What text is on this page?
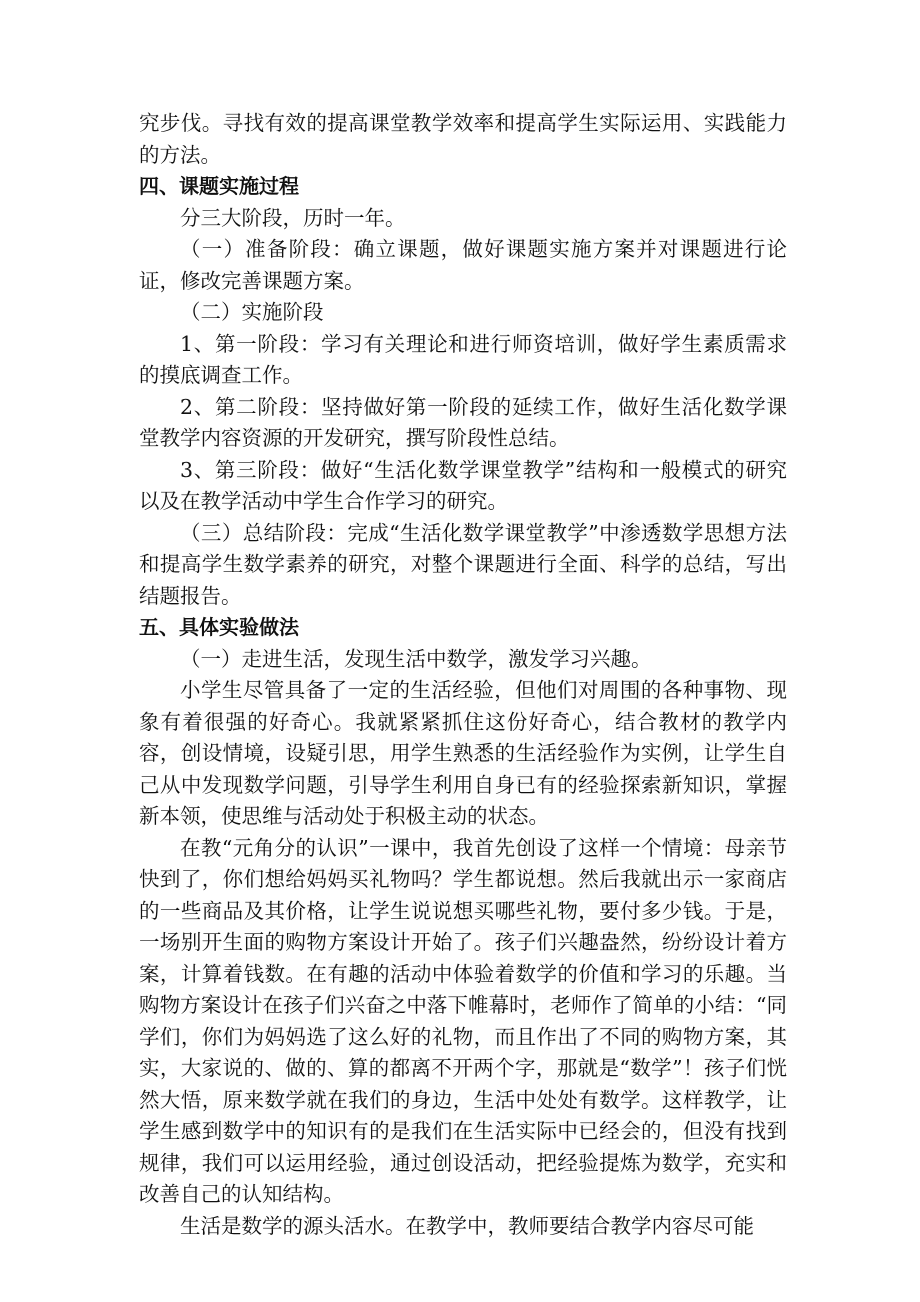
究步伐。寻找有效的提高课堂教学效率和提高学生实际运用、实践能力的方法。

四、课题实施过程

分三大阶段，历时一年。

（一）准备阶段：确立课题，做好课题实施方案并对课题进行论证，修改完善课题方案。

（二）实施阶段

1、第一阶段：学习有关理论和进行师资培训，做好学生素质需求的摸底调查工作。

2、第二阶段：坚持做好第一阶段的延续工作，做好生活化数学课堂教学内容资源的开发研究，撰写阶段性总结。

3、第三阶段：做好“生活化数学课堂教学”结构和一般模式的研究以及在教学活动中学生合作学习的研究。

（三）总结阶段：完成“生活化数学课堂教学”中渗透数学思想方法和提高学生数学素养的研究，对整个课题进行全面、科学的总结，写出结题报告。

五、具体实验做法

（一）走进生活，发现生活中数学，激发学习兴趣。

小学生尽管具备了一定的生活经验，但他们对周围的各种事物、现象有着很强的好奇心。我就紧紧抓住这份好奇心，结合教材的教学内容，创设情境，设疑引思，用学生熟悉的生活经验作为实例，让学生自己从中发现数学问题，引导学生利用自身已有的经验探索新知识，掌握新本领，使思维与活动处于积极主动的状态。

在教“元角分的认识”一课中，我首先创设了这样一个情境：母亲节快到了，你们想给妈妈买礼物吗？学生都说想。然后我就出示一家商店的一些商品及其价格，让学生说说想买哪些礼物，要付多少钱。于是，一场别开生面的购物方案设计开始了。孩子们兴趣盎然，纷纷设计着方案，计算着钱数。在有趣的活动中体验着数学的价值和学习的乐趣。当购物方案设计在孩子们兴奋之中落下帷幕时，老师作了简单的小结：“同学们，你们为妈妈选了这么好的礼物，而且作出了不同的购物方案，其实，大家说的、做的、算的都离不开两个字，那就是“数学”！孩子们恍然大悟，原来数学就在我们的身边，生活中处处有数学。这样教学，让学生感到数学中的知识有的是我们在生活实际中已经会的，但没有找到规律，我们可以运用经验，通过创设活动，把经验提炼为数学，充实和改善自己的认知结构。

生活是数学的源头活水。在教学中，教师要结合教学内容尽可能
